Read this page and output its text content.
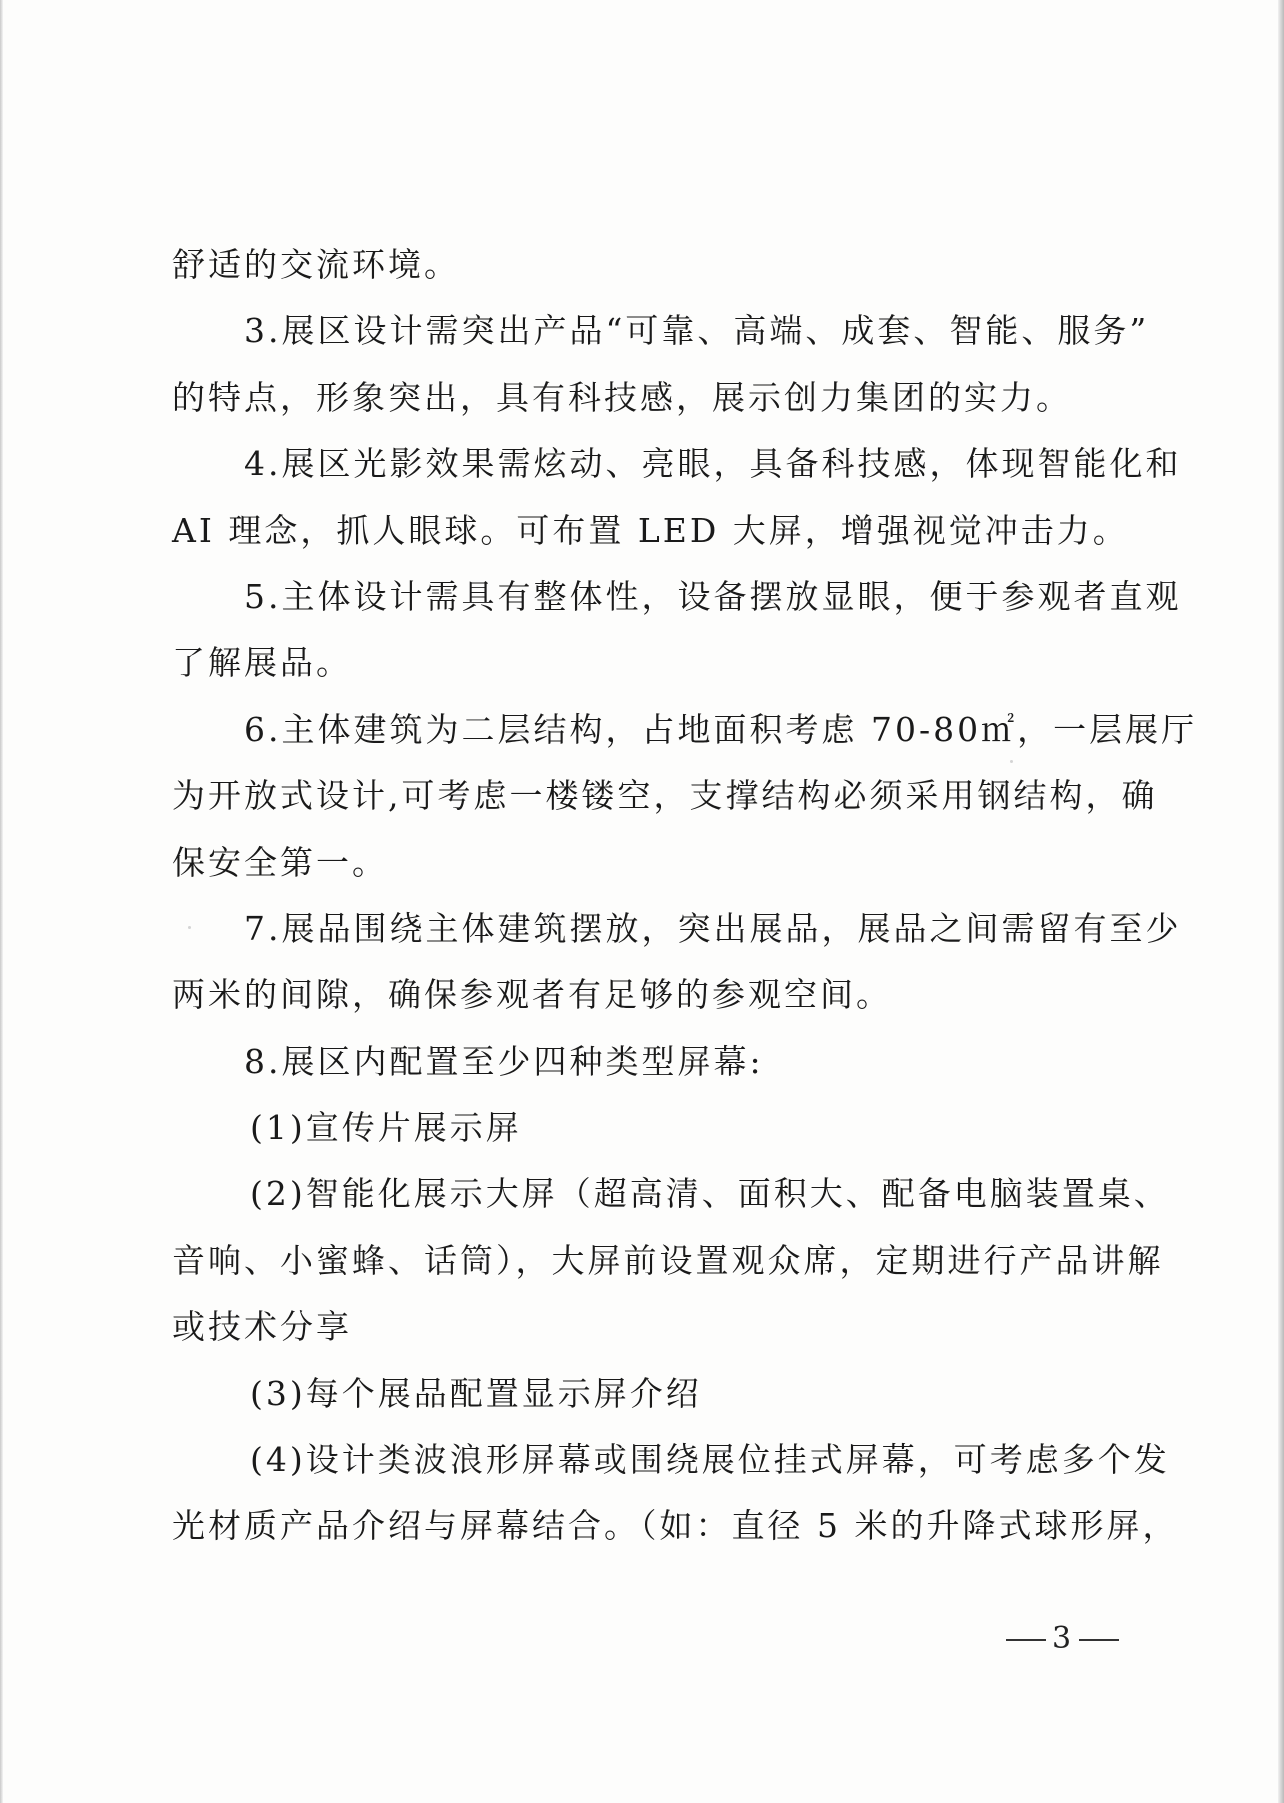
舒适的交流环境。
3.展区设计需突出产品“可靠、高端、成套、智能、服务”
的特点，形象突出，具有科技感，展示创力集团的实力。
4.展区光影效果需炫动、亮眼，具备科技感，体现智能化和
AI 理念，抓人眼球。可布置 LED 大屏，增强视觉冲击力。
5.主体设计需具有整体性，设备摆放显眼，便于参观者直观
了解展品。
6.主体建筑为二层结构，占地面积考虑 70-80㎡，一层展厅
为开放式设计,可考虑一楼镂空，支撑结构必须采用钢结构，确
保安全第一。
7.展品围绕主体建筑摆放，突出展品，展品之间需留有至少
两米的间隙，确保参观者有足够的参观空间。
8.展区内配置至少四种类型屏幕:
(1)宣传片展示屏
(2)智能化展示大屏（超高清、面积大、配备电脑装置桌、
音响、小蜜蜂、话筒），大屏前设置观众席，定期进行产品讲解
或技术分享
(3)每个展品配置显示屏介绍
(4)设计类波浪形屏幕或围绕展位挂式屏幕，可考虑多个发
光材质产品介绍与屏幕结合。（如：直径 5 米的升降式球形屏，
3
